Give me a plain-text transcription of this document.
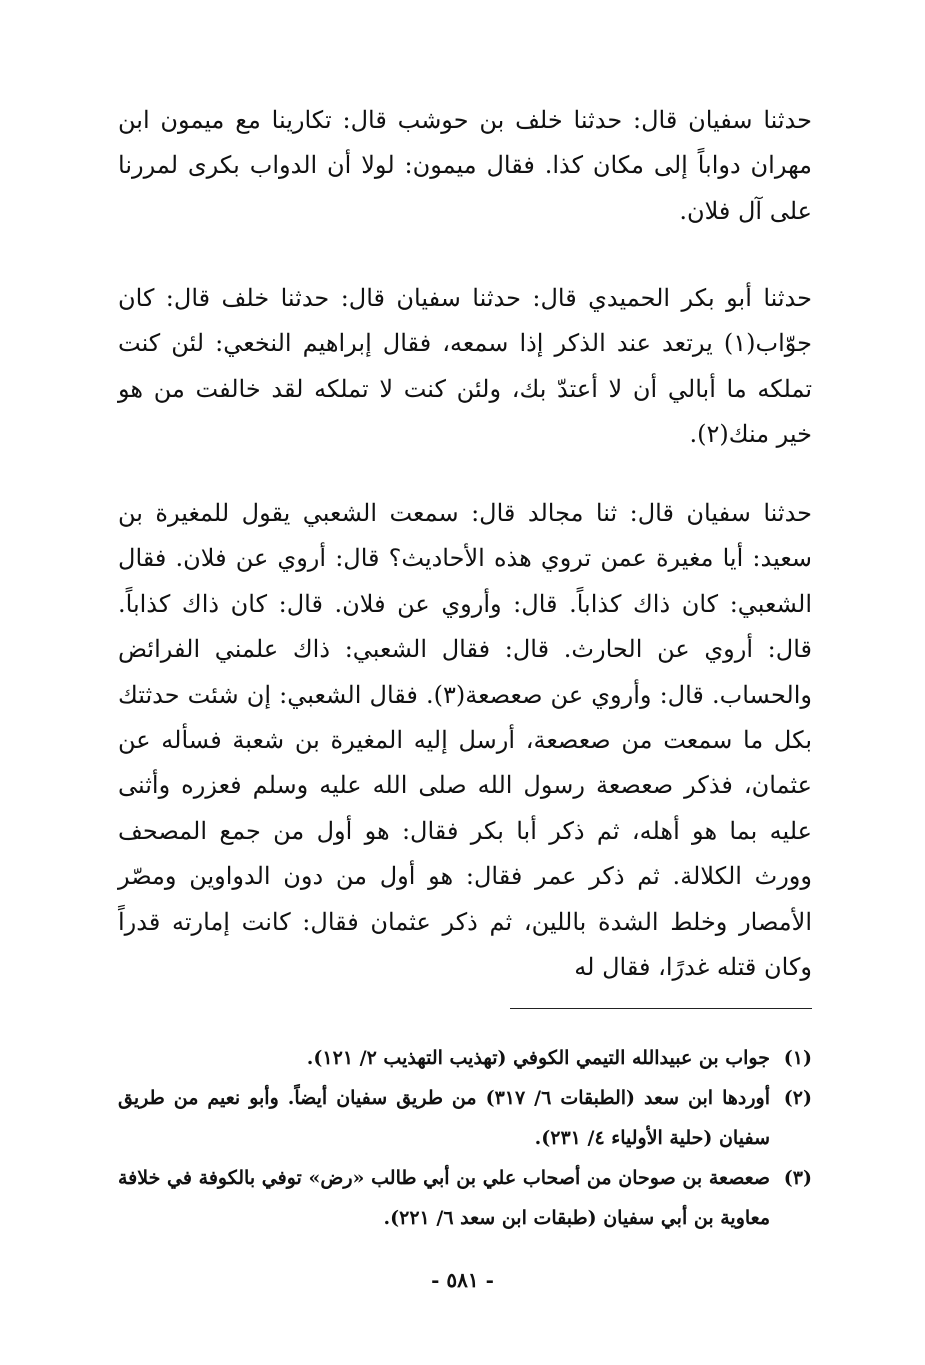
حدثنا سفيان قال: حدثنا خلف بن حوشب قال: تكارينا مع ميمون ابن مهران دواباً إلى مكان كذا. فقال ميمون: لولا أن الدواب بكرى لمررنا على آل فلان.

حدثنا أبو بكر الحميدي قال: حدثنا سفيان قال: حدثنا خلف قال: كان جوّاب(١) يرتعد عند الذكر إذا سمعه، فقال إبراهيم النخعي: لئن كنت تملكه ما أبالي أن لا أعتدّ بك، ولئن كنت لا تملكه لقد خالفت من هو خير منك(٢).

حدثنا سفيان قال: ثنا مجالد قال: سمعت الشعبي يقول للمغيرة بن سعيد: أيا مغيرة عمن تروي هذه الأحاديث؟ قال: أروي عن فلان. فقال الشعبي: كان ذاك كذاباً. قال: وأروي عن فلان. قال: كان ذاك كذاباً. قال: أروي عن الحارث. قال: فقال الشعبي: ذاك علمني الفرائض والحساب. قال: وأروي عن صعصعة(٣). فقال الشعبي: إن شئت حدثتك بكل ما سمعت من صعصعة، أرسل إليه المغيرة بن شعبة فسأله عن عثمان، فذكر صعصعة رسول الله صلى الله عليه وسلم فعزره وأثنى عليه بما هو أهله، ثم ذكر أبا بكر فقال: هو أول من جمع المصحف وورث الكلالة. ثم ذكر عمر فقال: هو أول من دون الدواوين ومصّر الأمصار وخلط الشدة باللين، ثم ذكر عثمان فقال: كانت إمارته قدراً وكان قتله غدرًا، فقال له

(١)
جواب بن عبيدالله التيمي الكوفي (تهذيب التهذيب ٢/ ١٢١).
(٢)
أوردها ابن سعد (الطبقات ٦/ ٣١٧) من طريق سفيان أيضاً. وأبو نعيم من طريق سفيان (حلية الأولياء ٤/ ٢٣١).
(٣)
صعصعة بن صوحان من أصحاب علي بن أبي طالب «رض» توفي بالكوفة في خلافة معاوية بن أبي سفيان (طبقات ابن سعد ٦/ ٢٢١).
- ٥٨١ -
